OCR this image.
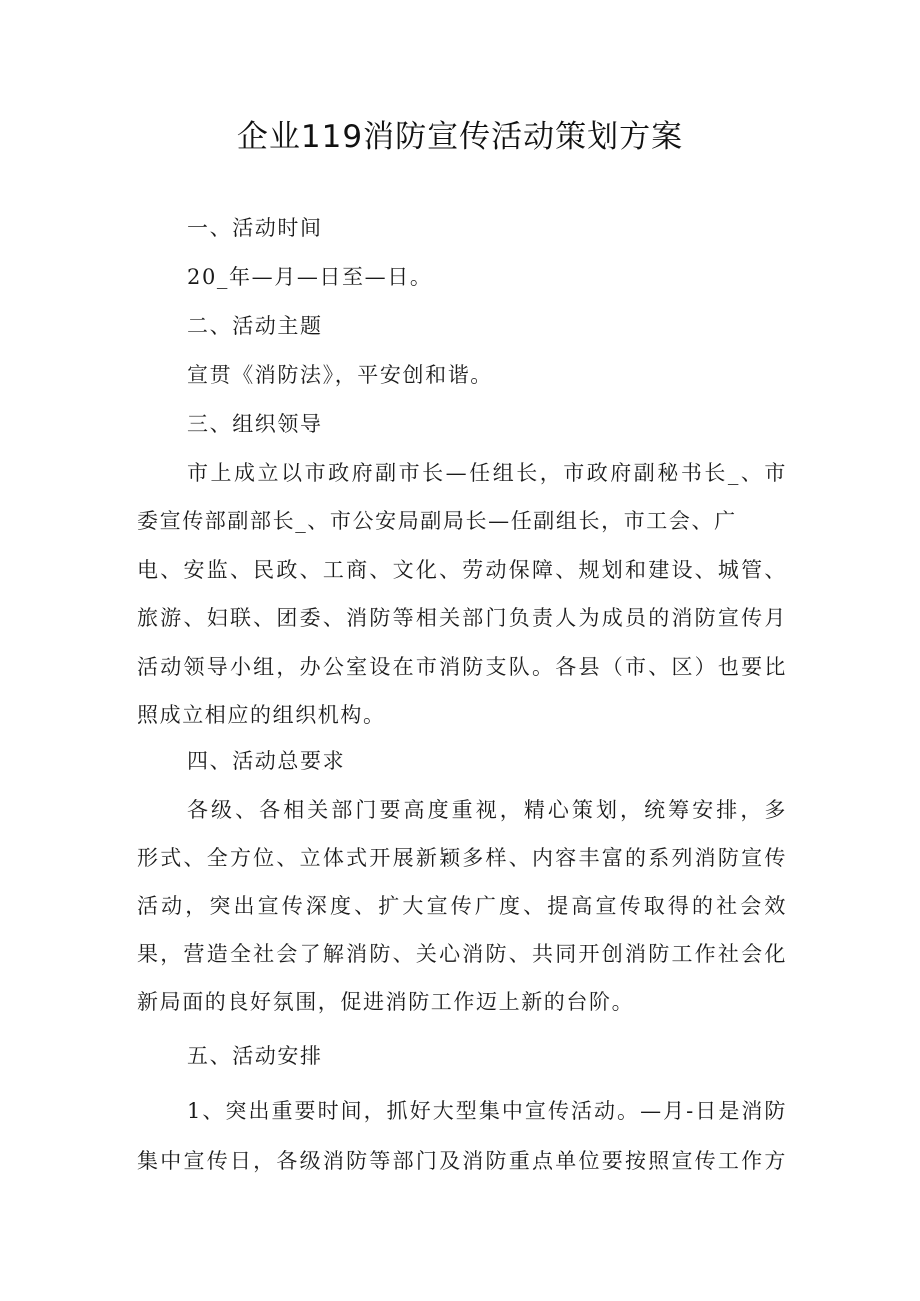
企业119消防宣传活动策划方案
一、活动时间
20_年—月—日至—日。
二、活动主题
宣贯《消防法》，平安创和谐。
三、组织领导
市上成立以市政府副市长—任组长，市政府副秘书长_、市
委宣传部副部长_、市公安局副局长—任副组长，市工会、广
电、安监、民政、工商、文化、劳动保障、规划和建设、城管、
旅游、妇联、团委、消防等相关部门负责人为成员的消防宣传月
活动领导小组，办公室设在市消防支队。各县（市、区）也要比
照成立相应的组织机构。
四、活动总要求
各级、各相关部门要高度重视，精心策划，统筹安排，多
形式、全方位、立体式开展新颖多样、内容丰富的系列消防宣传
活动，突出宣传深度、扩大宣传广度、提高宣传取得的社会效
果，营造全社会了解消防、关心消防、共同开创消防工作社会化
新局面的良好氛围，促进消防工作迈上新的台阶。
五、活动安排
1、突出重要时间，抓好大型集中宣传活动。—月-日是消防
集中宣传日，各级消防等部门及消防重点单位要按照宣传工作方
